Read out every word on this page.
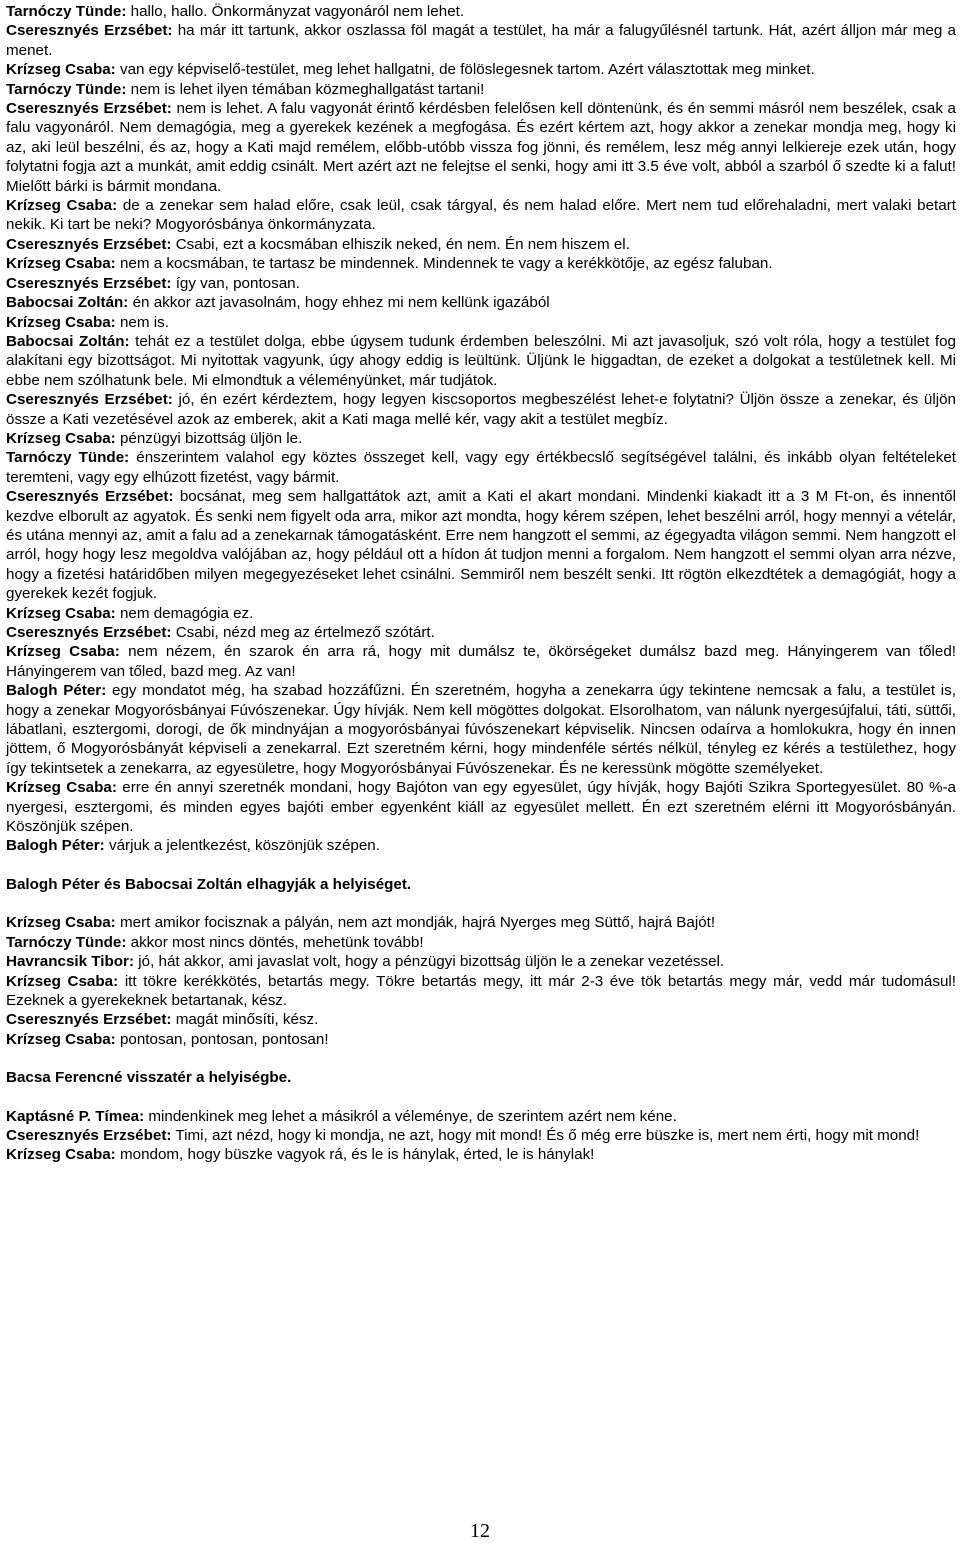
Tarnóczy Tünde: hallo, hallo. Önkormányzat vagyonáról nem lehet.

Cseresznyés Erzsébet: ha már itt tartunk, akkor oszlassa föl magát a testület, ha már a falugyűlésnél tartunk. Hát, azért álljon már meg a menet.

Krízseg Csaba: van egy képviselő-testület, meg lehet hallgatni, de fölöslegesnek tartom. Azért választottak meg minket.

Tarnóczy Tünde: nem is lehet ilyen témában közmeghallgatást tartani!

Cseresznyés Erzsébet: nem is lehet. A falu vagyonát érintő kérdésben felelősen kell döntenünk, és én semmi másról nem beszélek, csak a falu vagyonáról. Nem demagógia, meg a gyerekek kezének a megfogása. És ezért kértem azt, hogy akkor a zenekar mondja meg, hogy ki az, aki leül beszélni, és az, hogy a Kati majd remélem, előbb-utóbb vissza fog jönni, és remélem, lesz még annyi lelkiereje ezek után, hogy folytatni fogja azt a munkát, amit eddig csinált. Mert azért azt ne felejtse el senki, hogy ami itt 3.5 éve volt, abból a szarból ő szedte ki a falut! Mielőtt bárki is bármit mondana.

Krízseg Csaba: de a zenekar sem halad előre, csak leül, csak tárgyal, és nem halad előre. Mert nem tud előrehaladni, mert valaki betart nekik. Ki tart be neki? Mogyorósbánya önkormányzata.

Cseresznyés Erzsébet: Csabi, ezt a kocsmában elhiszik neked, én nem. Én nem hiszem el.

Krízseg Csaba: nem a kocsmában, te tartasz be mindennek. Mindennek te vagy a kerékkötője, az egész faluban.

Cseresznyés Erzsébet: így van, pontosan.

Babocsai Zoltán: én akkor azt javasolnám, hogy ehhez mi nem kellünk igazából

Krízseg Csaba: nem is.

Babocsai Zoltán: tehát ez a testület dolga, ebbe úgysem tudunk érdemben beleszólni. Mi azt javasoljuk, szó volt róla, hogy a testület fog alakítani egy bizottságot. Mi nyitottak vagyunk, úgy ahogy eddig is leültünk. Üljünk le higgadtan, de ezeket a dolgokat a testületnek kell. Mi ebbe nem szólhatunk bele. Mi elmondtuk a véleményünket, már tudjátok.

Cseresznyés Erzsébet: jó, én ezért kérdeztem, hogy legyen kiscsoportos megbeszélést lehet-e folytatni? Üljön össze a zenekar, és üljön össze a Kati vezetésével azok az emberek, akit a Kati maga mellé kér, vagy akit a testület megbíz.

Krízseg Csaba: pénzügyi bizottság üljön le.

Tarnóczy Tünde: énszerintem valahol egy köztes összeget kell, vagy egy értékbecslő segítségével találni, és inkább olyan feltételeket teremteni, vagy egy elhúzott fizetést, vagy bármit.

Cseresznyés Erzsébet: bocsánat, meg sem hallgattátok azt, amit a Kati el akart mondani. Mindenki kiakadt itt a 3 M Ft-on, és innentől kezdve elborult az agyatok. És senki nem figyelt oda arra, mikor azt mondta, hogy kérem szépen, lehet beszélni arról, hogy mennyi a vételár, és utána mennyi az, amit a falu ad a zenekarnak támogatásként. Erre nem hangzott el semmi, az égegyadta világon semmi. Nem hangzott el arról, hogy hogy lesz megoldva valójában az, hogy például ott a hídon át tudjon menni a forgalom. Nem hangzott el semmi olyan arra nézve, hogy a fizetési határidőben milyen megegyezéseket lehet csinálni. Semmiről nem beszélt senki. Itt rögtön elkezdtétek a demagógiát, hogy a gyerekek kezét fogjuk.

Krízseg Csaba: nem demagógia ez.

Cseresznyés Erzsébet: Csabi, nézd meg az értelmező szótárt.

Krízseg Csaba: nem nézem, én szarok én arra rá, hogy mit dumálsz te, ökörségeket dumálsz bazd meg. Hányingerem van tőled! Hányingerem van tőled, bazd meg. Az van!

Balogh Péter: egy mondatot még, ha szabad hozzáfűzni. Én szeretném, hogyha a zenekarra úgy tekintene nemcsak a falu, a testület is, hogy a zenekar Mogyorósbányai Fúvószenekar. Úgy hívják. Nem kell mögöttes dolgokat. Elsorolhatom, van nálunk nyergesújfalui, táti, süttői, lábatlani, esztergomi, dorogi, de ők mindnyájan a mogyorósbányai fúvószenekart képviselik. Nincsen odaírva a homlokukra, hogy én innen jöttem, ő Mogyorósbányát képviseli a zenekarral. Ezt szeretném kérni, hogy mindenféle sértés nélkül, tényleg ez kérés a testülethez, hogy így tekintsetek a zenekarra, az egyesületre, hogy Mogyorósbányai Fúvószenekar. És ne keressünk mögötte személyeket.

Krízseg Csaba: erre én annyi szeretnék mondani, hogy Bajóton van egy egyesület, úgy hívják, hogy Bajóti Szikra Sportegyesület. 80 %-a nyergesi, esztergomi, és minden egyes bajóti ember egyenként kiáll az egyesület mellett. Én ezt szeretném elérni itt Mogyorósbányán. Köszönjük szépen.

Balogh Péter: várjuk a jelentkezést, köszönjük szépen.

Balogh Péter és Babocsai Zoltán elhagyják a helyiséget.

Krízseg Csaba: mert amikor focisznak a pályán, nem azt mondják, hajrá Nyerges meg Süttő, hajrá Bajót!

Tarnóczy Tünde: akkor most nincs döntés, mehetünk tovább!

Havrancsik Tibor: jó, hát akkor, ami javaslat volt, hogy a pénzügyi bizottság üljön le a zenekar vezetéssel.

Krízseg Csaba: itt tökre kerékkötés, betartás megy. Tökre betartás megy, itt már 2-3 éve tök betartás megy már, vedd már tudomásul! Ezeknek a gyerekeknek betartanak, kész.

Cseresznyés Erzsébet: magát minősíti, kész.

Krízseg Csaba: pontosan, pontosan, pontosan!

Bacsa Ferencné visszatér a helyiségbe.

Kaptásné P. Tímea: mindenkinek meg lehet a másikról a véleménye, de szerintem azért nem kéne.

Cseresznyés Erzsébet: Timi, azt nézd, hogy ki mondja, ne azt, hogy mit mond! És ő még erre büszke is, mert nem érti, hogy mit mond!

Krízseg Csaba: mondom, hogy büszke vagyok rá, és le is hánylak, érted, le is hánylak!

12
